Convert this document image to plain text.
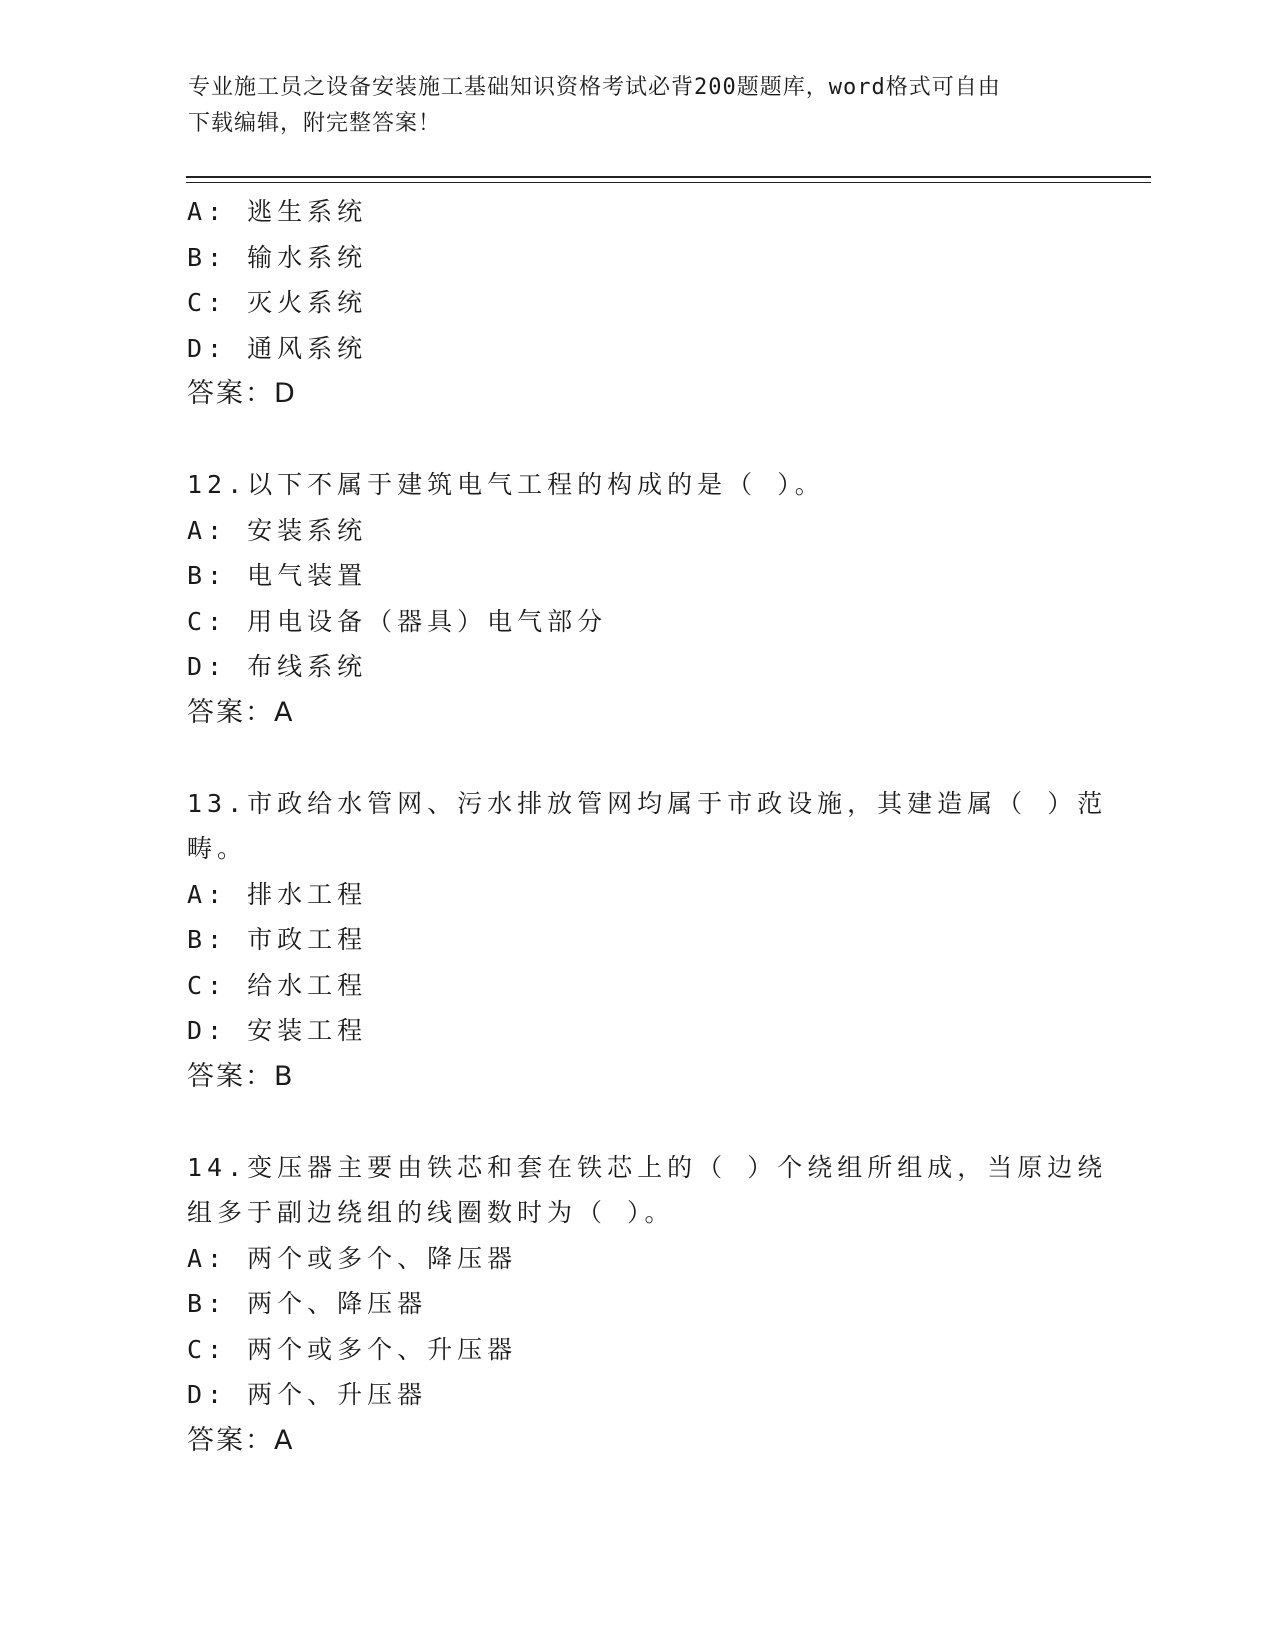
专业施工员之设备安装施工基础知识资格考试必背200题题库，word格式可自由
下载编辑，附完整答案！
A: 逃生系统
B: 输水系统
C: 灭火系统
D: 通风系统
答案：D
12.以下不属于建筑电气工程的构成的是（ ）。
A: 安装系统
B: 电气装置
C: 用电设备（器具）电气部分
D: 布线系统
答案：A
13.市政给水管网、污水排放管网均属于市政设施，其建造属（ ）范
畴。
A: 排水工程
B: 市政工程
C: 给水工程
D: 安装工程
答案：B
14.变压器主要由铁芯和套在铁芯上的（ ）个绕组所组成，当原边绕
组多于副边绕组的线圈数时为（ ）。
A: 两个或多个、降压器
B: 两个、降压器
C: 两个或多个、升压器
D: 两个、升压器
答案：A
